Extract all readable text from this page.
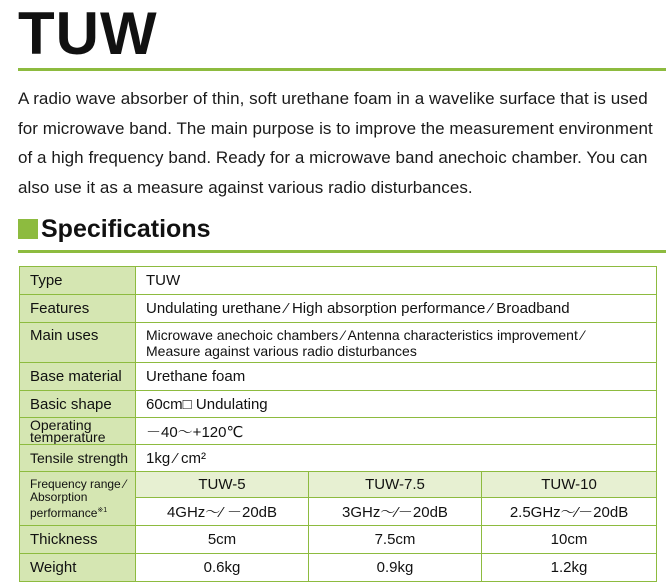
TUW
A radio wave absorber of thin, soft urethane foam in a wavelike surface that is used for microwave band. The main purpose is to improve the measurement environment of a high frequency band. Ready for a microwave band anechoic chamber. You can also use it as a measure against various radio disturbances.
Specifications
Type	TUW		
Features	Undulating urethane ⁄ High absorption performance ⁄ Broadband		
Main uses	Microwave anechoic chambers ⁄ Antenna characteristics improvement ⁄
Measure against various radio disturbances		

Base material	Urethane foam		
Basic shape	60cm□ Undulating		

Operating
temperature	－40～+120℃		
Tensile strength	1kg ⁄ cm²		

Frequency range ⁄
Absorption
performance$^{※1}$	TUW-5	TUW-7.5	TUW-10
	4GHz～⁄ －20dB	3GHz～⁄－20dB	2.5GHz～⁄－20dB
Thickness	5cm	7.5cm	10cm
Weight	0.6kg	0.9kg	1.2kg
